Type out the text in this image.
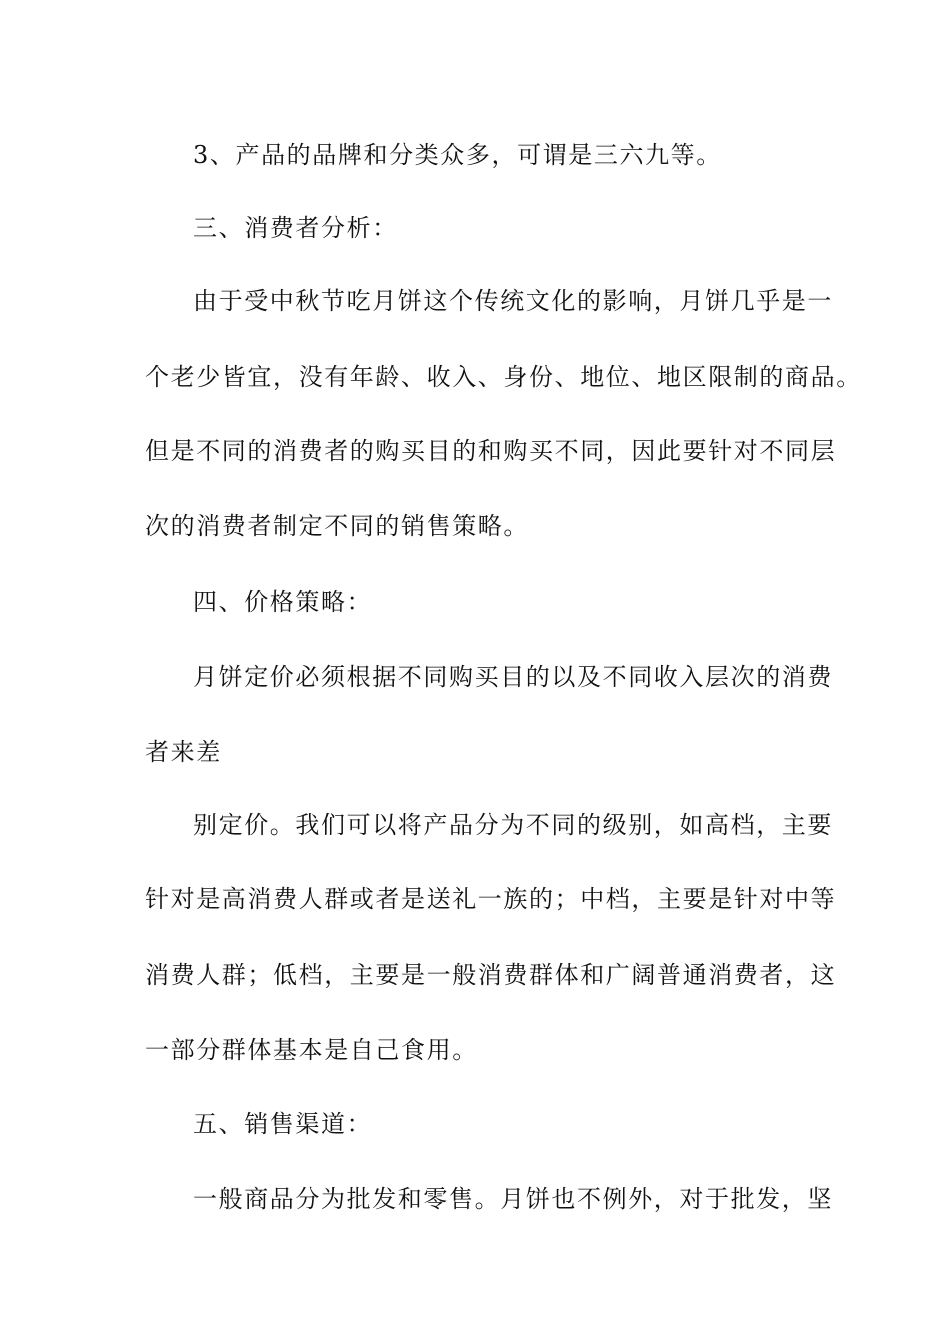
3、产品的品牌和分类众多，可谓是三六九等。
三、消费者分析：
由于受中秋节吃月饼这个传统文化的影响，月饼几乎是一
个老少皆宜，没有年龄、收入、身份、地位、地区限制的商品。
但是不同的消费者的购买目的和购买不同，因此要针对不同层
次的消费者制定不同的销售策略。
四、价格策略：
月饼定价必须根据不同购买目的以及不同收入层次的消费
者来差
别定价。我们可以将产品分为不同的级别，如高档，主要
针对是高消费人群或者是送礼一族的；中档，主要是针对中等
消费人群；低档，主要是一般消费群体和广阔普通消费者，这
一部分群体基本是自己食用。
五、销售渠道：
一般商品分为批发和零售。月饼也不例外，对于批发，坚
